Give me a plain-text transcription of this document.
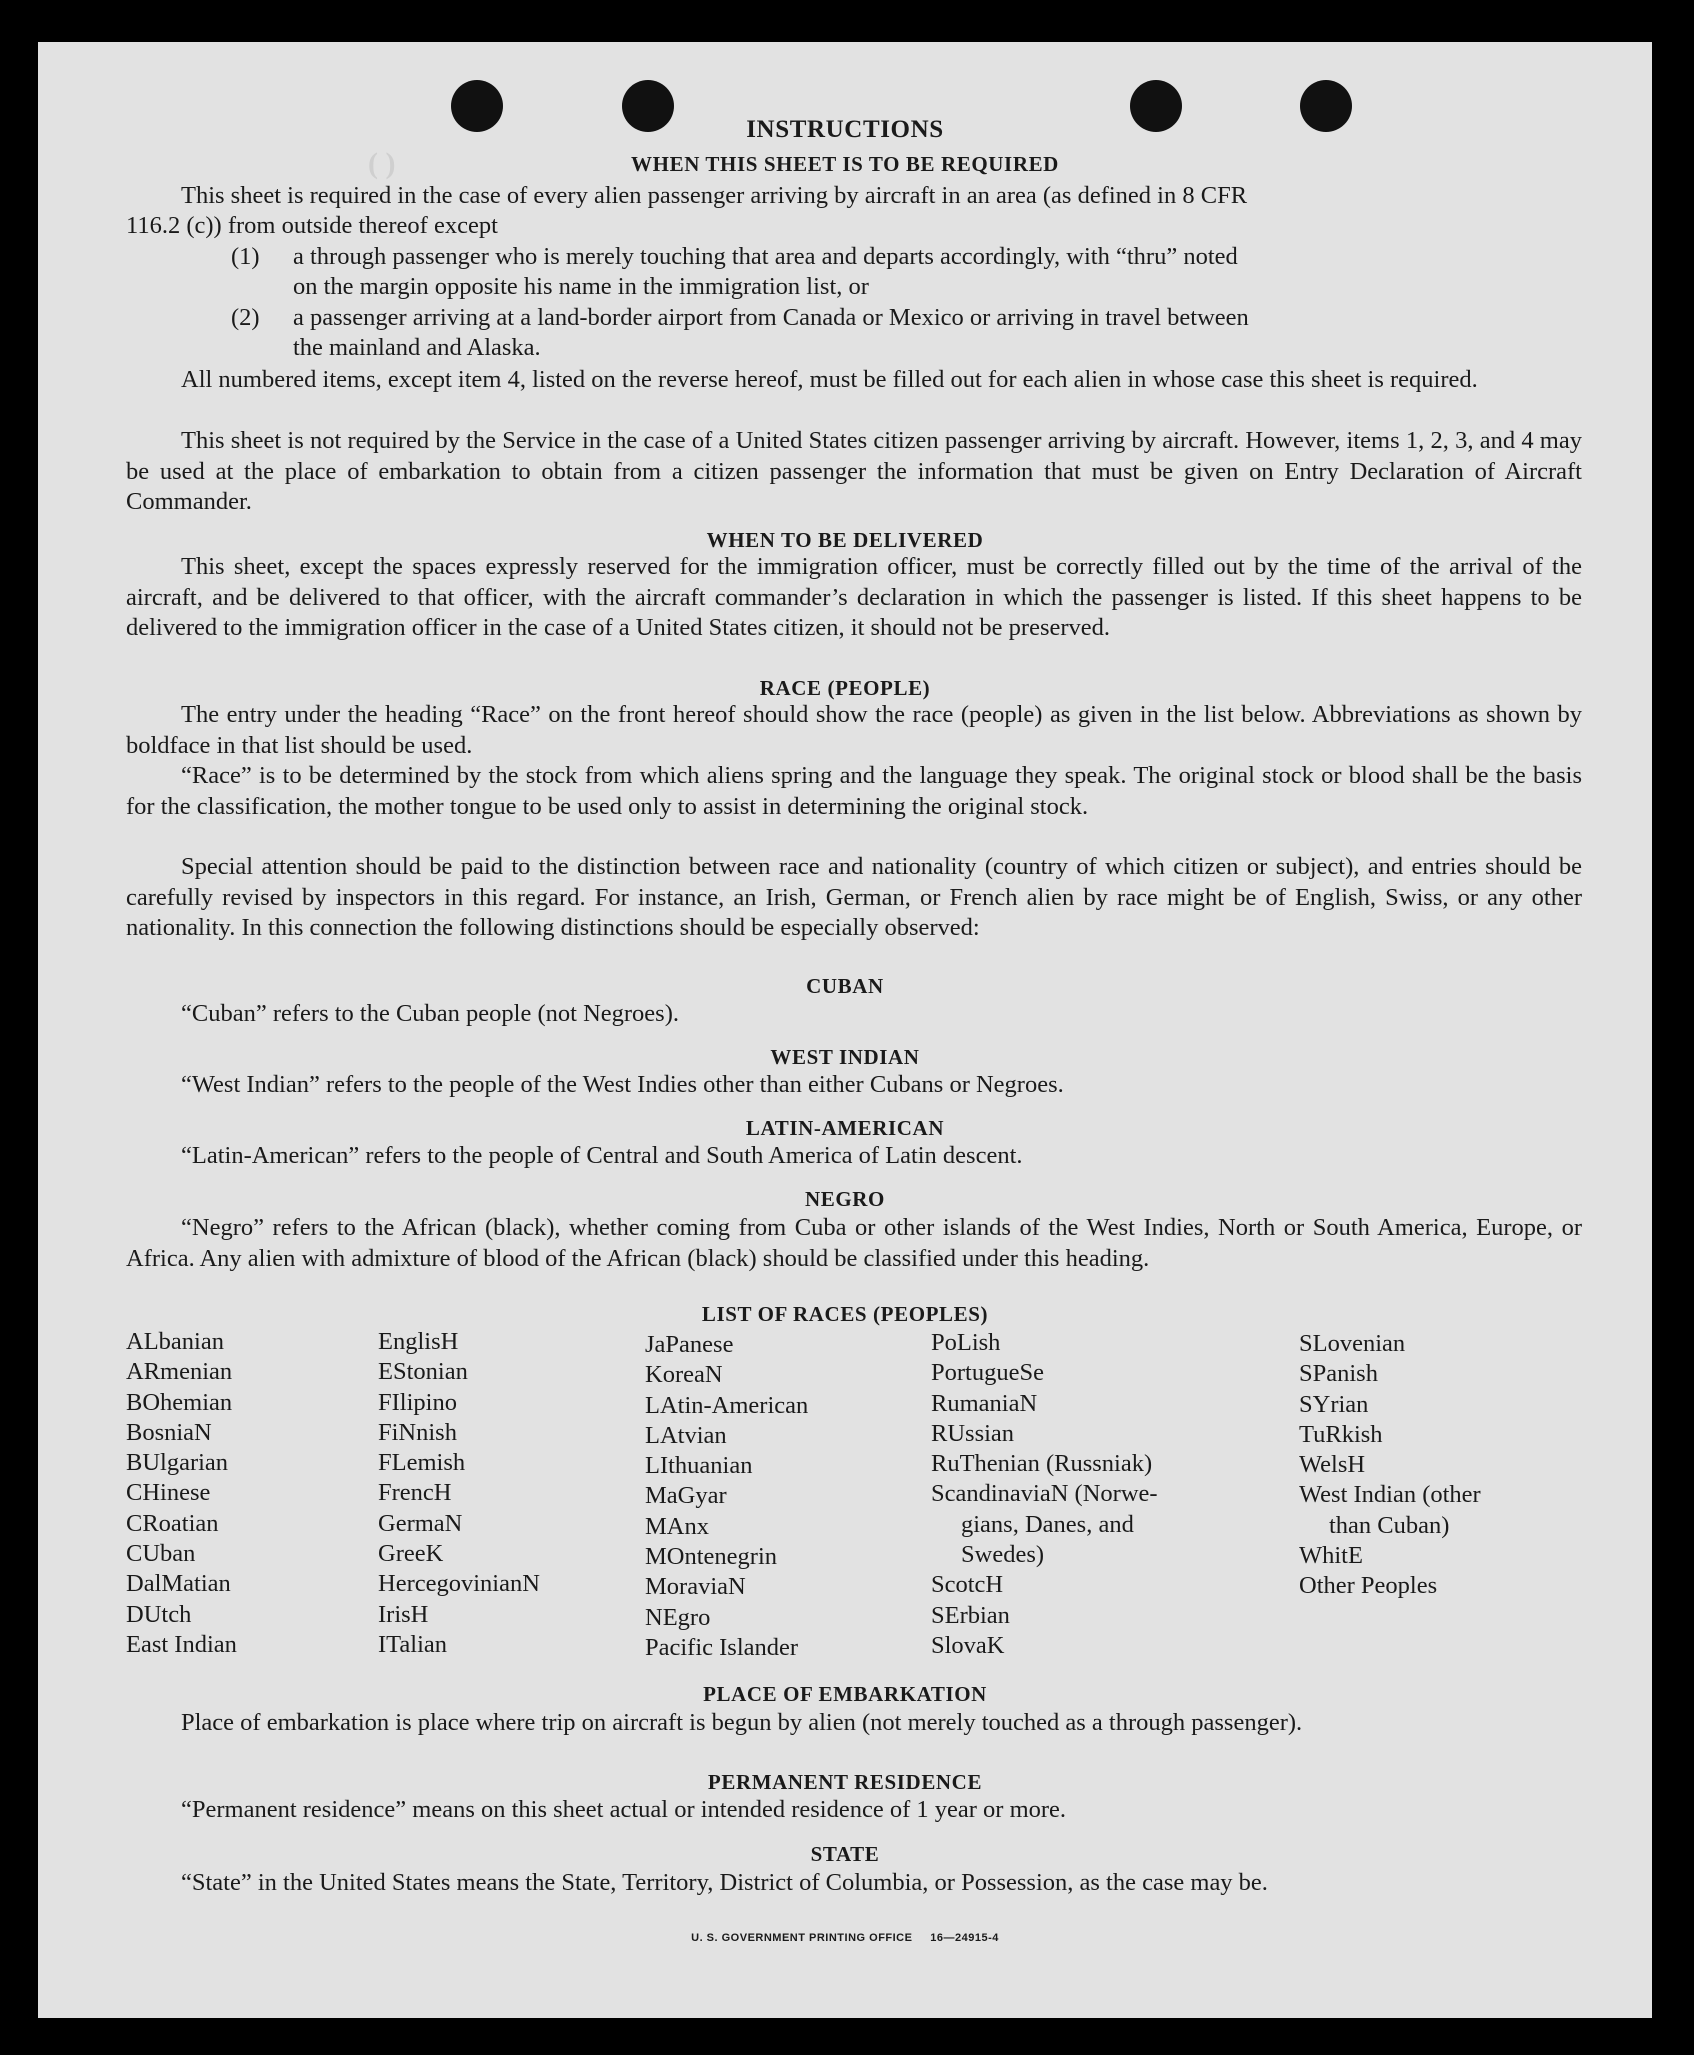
( )
INSTRUCTIONS
WHEN THIS SHEET IS TO BE REQUIRED
This sheet is required in the case of every alien passenger arriving by aircraft in an area (as defined in 8 CFR
116.2 (c)) from outside thereof except
(1) a through passenger who is merely touching that area and departs accordingly, with “thru” noted
on the margin opposite his name in the immigration list, or
(2) a passenger arriving at a land-border airport from Canada or Mexico or arriving in travel between
the mainland and Alaska.
All numbered items, except item 4, listed on the reverse hereof, must be filled out for each alien in whose case this sheet is required.
This sheet is not required by the Service in the case of a United States citizen passenger arriving by aircraft. However, items 1, 2, 3, and 4 may be used at the place of embarkation to obtain from a citizen passenger the information that must be given on Entry Declaration of Aircraft Commander.
WHEN TO BE DELIVERED
This sheet, except the spaces expressly reserved for the immigration officer, must be correctly filled out by the time of the arrival of the aircraft, and be delivered to that officer, with the aircraft commander’s declaration in which the passenger is listed. If this sheet happens to be delivered to the immigration officer in the case of a United States citizen, it should not be preserved.
RACE (PEOPLE)
The entry under the heading “Race” on the front hereof should show the race (people) as given in the list below. Abbreviations as shown by boldface in that list should be used.
“Race” is to be determined by the stock from which aliens spring and the language they speak. The original stock or blood shall be the basis for the classification, the mother tongue to be used only to assist in determining the original stock.
Special attention should be paid to the distinction between race and nationality (country of which citizen or subject), and entries should be carefully revised by inspectors in this regard. For instance, an Irish, German, or French alien by race might be of English, Swiss, or any other nationality. In this connection the following distinctions should be especially observed:
CUBAN
“Cuban” refers to the Cuban people (not Negroes).
WEST INDIAN
“West Indian” refers to the people of the West Indies other than either Cubans or Negroes.
LATIN-AMERICAN
“Latin-American” refers to the people of Central and South America of Latin descent.
NEGRO
“Negro” refers to the African (black), whether coming from Cuba or other islands of the West Indies, North or South America, Europe, or Africa. Any alien with admixture of blood of the African (black) should be classified under this heading.
LIST OF RACES (PEOPLES)
ALbanian
ARmenian
BOhemian
BosniaN
BUlgarian
CHinese
CRoatian
CUban
DalMatian
DUtch
East Indian
EnglisH
EStonian
FIlipino
FiNnish
FLemish
FrencH
GermaN
GreeK
HercegovinianN
IrisH
ITalian
JaPanese
KoreaN
LAtin-American
LAtvian
LIthuanian
MaGyar
MAnx
MOntenegrin
MoraviaN
NEgro
Pacific Islander
PoLish
PortugueSe
RumaniaN
RUssian
RuThenian (Russniak)
ScandinaviaN (Norwe-
gians, Danes, and
Swedes)
ScotcH
SErbian
SlovaK
SLovenian
SPanish
SYrian
TuRkish
WelsH
West Indian (other
than Cuban)
WhitE
Other Peoples
PLACE OF EMBARKATION
Place of embarkation is place where trip on aircraft is begun by alien (not merely touched as a through passenger).
PERMANENT RESIDENCE
“Permanent residence” means on this sheet actual or intended residence of 1 year or more.
STATE
“State” in the United States means the State, Territory, District of Columbia, or Possession, as the case may be.
U. S. GOVERNMENT PRINTING OFFICE     16—24915-4
